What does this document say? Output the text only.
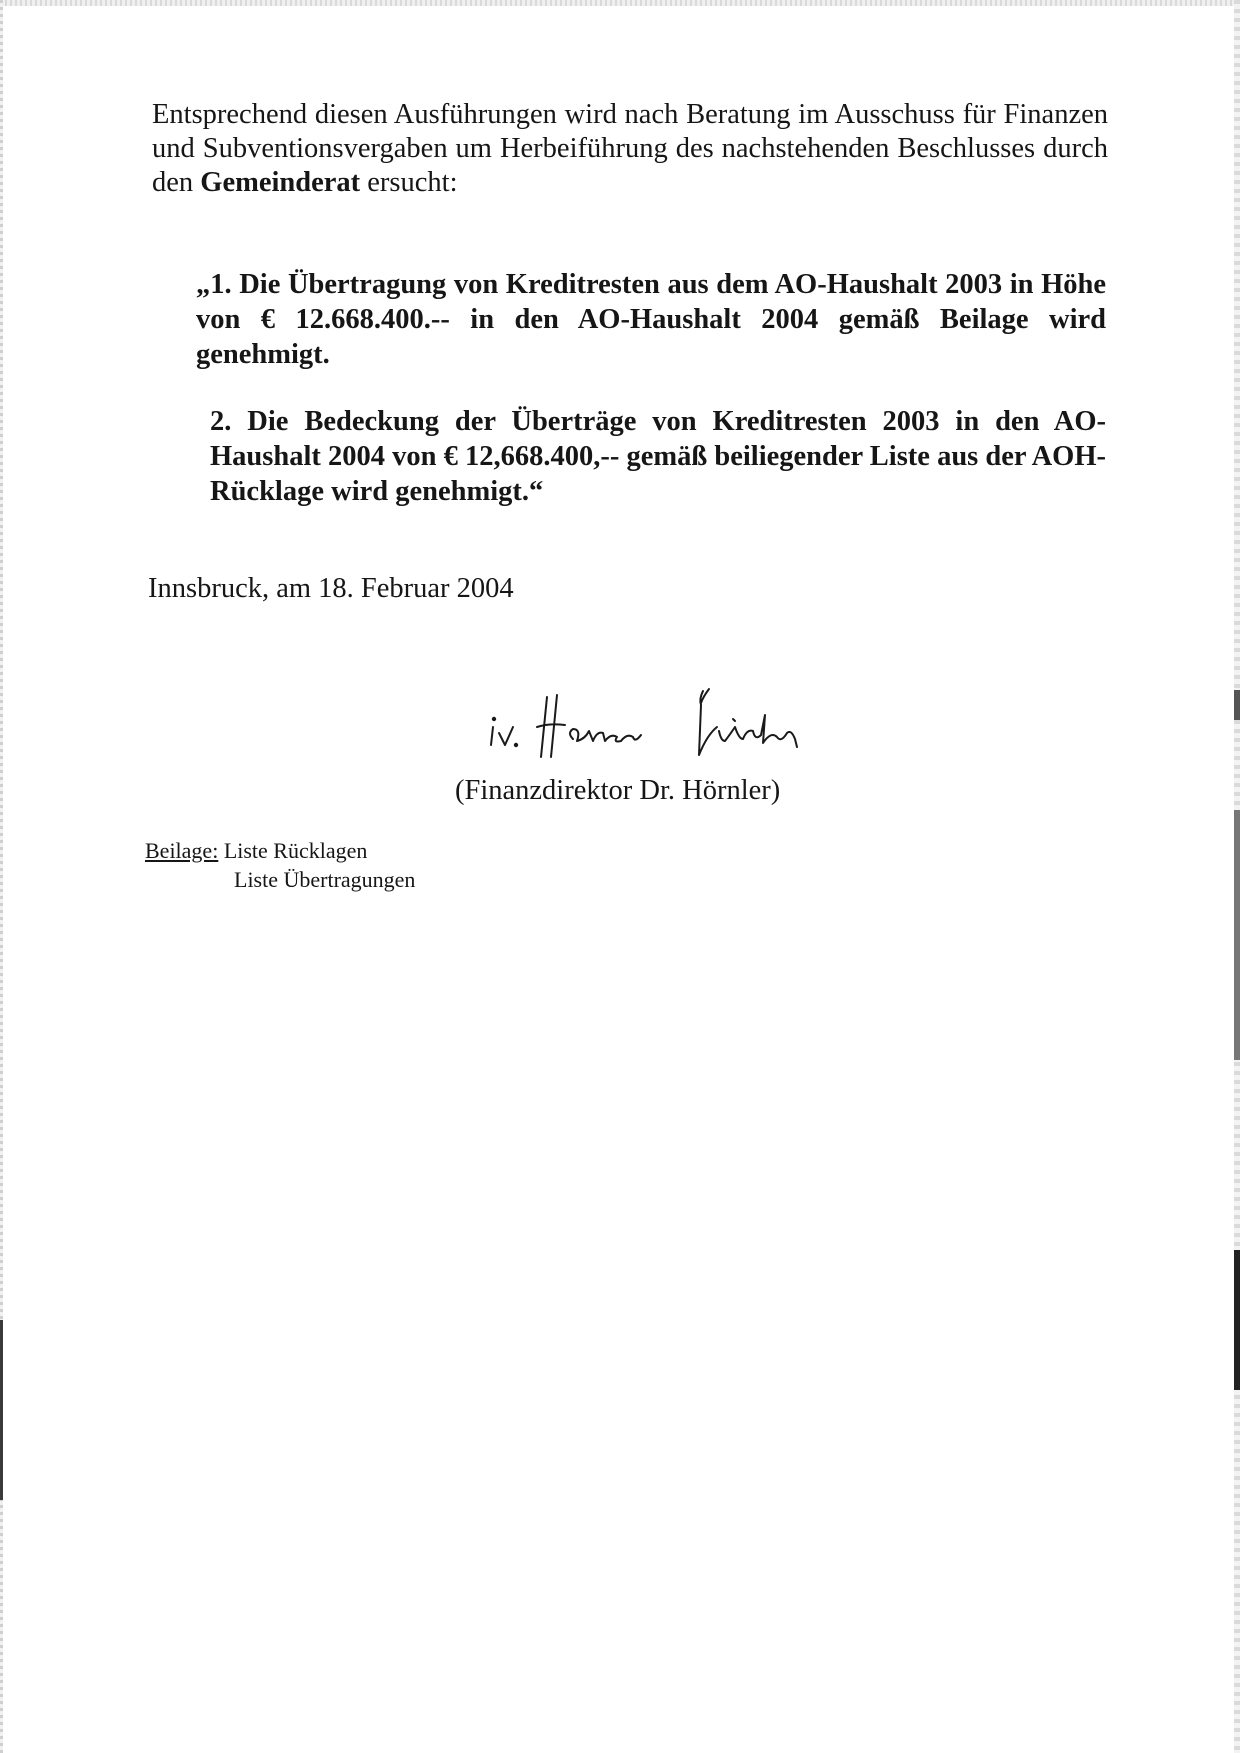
Entsprechend diesen Ausführungen wird nach Beratung im Ausschuss für Finanzen und Subventionsvergaben um Herbeiführung des nachstehenden Beschlusses durch den Gemeinderat ersucht:

„1. Die Übertragung von Kreditresten aus dem AO-Haushalt 2003 in Höhe von € 12.668.400.-- in den AO-Haushalt 2004 gemäß Beilage wird genehmigt.

2. Die Bedeckung der Überträge von Kreditresten 2003 in den AO-Haushalt 2004 von € 12,668.400,-- gemäß beiliegender Liste aus der AOH-Rücklage wird genehmigt.“

Innsbruck, am 18. Februar 2004
(Finanzdirektor Dr. Hörnler)
Beilage: Liste Rücklagen
Liste Übertragungen
